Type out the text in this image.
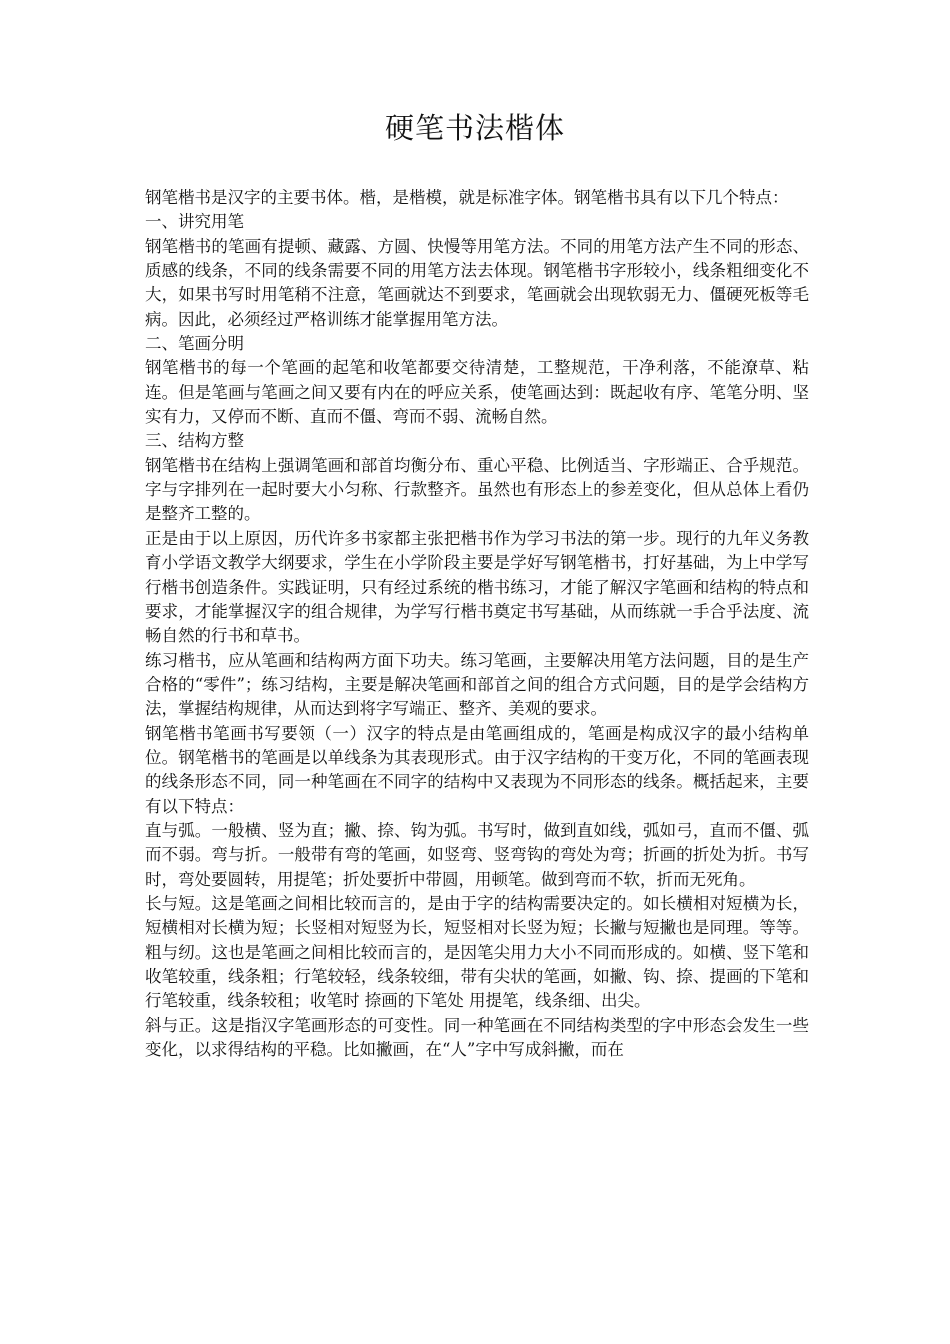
硬笔书法楷体

钢笔楷书是汉字的主要书体。楷，是楷模，就是标准字体。钢笔楷书具有以下几个特点：

一、讲究用笔

钢笔楷书的笔画有提顿、藏露、方圆、快慢等用笔方法。不同的用笔方法产生不同的形态、质感的线条，不同的线条需要不同的用笔方法去体现。钢笔楷书字形较小，线条粗细变化不大，如果书写时用笔稍不注意，笔画就达不到要求，笔画就会出现软弱无力、僵硬死板等毛病。因此，必须经过严格训练才能掌握用笔方法。

二、笔画分明

钢笔楷书的每一个笔画的起笔和收笔都要交待清楚，工整规范，干净利落，不能潦草、粘连。但是笔画与笔画之间又要有内在的呼应关系，使笔画达到：既起收有序、笔笔分明、坚实有力，又停而不断、直而不僵、弯而不弱、流畅自然。

三、结构方整

钢笔楷书在结构上强调笔画和部首均衡分布、重心平稳、比例适当、字形端正、合乎规范。字与字排列在一起时要大小匀称、行款整齐。虽然也有形态上的参差变化，但从总体上看仍是整齐工整的。

正是由于以上原因，历代许多书家都主张把楷书作为学习书法的第一步。现行的九年义务教育小学语文教学大纲要求，学生在小学阶段主要是学好写钢笔楷书，打好基础，为上中学写行楷书创造条件。实践证明，只有经过系统的楷书练习，才能了解汉字笔画和结构的特点和要求，才能掌握汉字的组合规律，为学写行楷书奠定书写基础，从而练就一手合乎法度、流畅自然的行书和草书。

练习楷书，应从笔画和结构两方面下功夫。练习笔画，主要解决用笔方法问题，目的是生产合格的“零件”；练习结构，主要是解决笔画和部首之间的组合方式问题，目的是学会结构方法，掌握结构规律，从而达到将字写端正、整齐、美观的要求。

钢笔楷书笔画书写要领（一）汉字的特点是由笔画组成的，笔画是构成汉字的最小结构单位。钢笔楷书的笔画是以单线条为其表现形式。由于汉字结构的干变万化，不同的笔画表现的线条形态不同，同一种笔画在不同字的结构中又表现为不同形态的线条。概括起来，主要有以下特点：

直与弧。一般横、竖为直；撇、捺、钩为弧。书写时，做到直如线，弧如弓，直而不僵、弧而不弱。弯与折。一般带有弯的笔画，如竖弯、竖弯钩的弯处为弯；折画的折处为折。书写时，弯处要圆转，用提笔；折处要折中带圆，用顿笔。做到弯而不软，折而无死角。

长与短。这是笔画之间相比较而言的，是由于字的结构需要决定的。如长横相对短横为长，短横相对长横为短；长竖相对短竖为长，短竖相对长竖为短；长撇与短撇也是同理。等等。粗与纫。这也是笔画之间相比较而言的，是因笔尖用力大小不同而形成的。如横、竖下笔和收笔较重，线条粗；行笔较轻，线条较细，带有尖状的笔画，如撇、钩、捺、提画的下笔和行笔较重，线条较租；收笔时 捺画的下笔处 用提笔，线条细、出尖。

斜与正。这是指汉字笔画形态的可变性。同一种笔画在不同结构类型的字中形态会发生一些变化，以求得结构的平稳。比如撇画，在“人”字中写成斜撇，而在
